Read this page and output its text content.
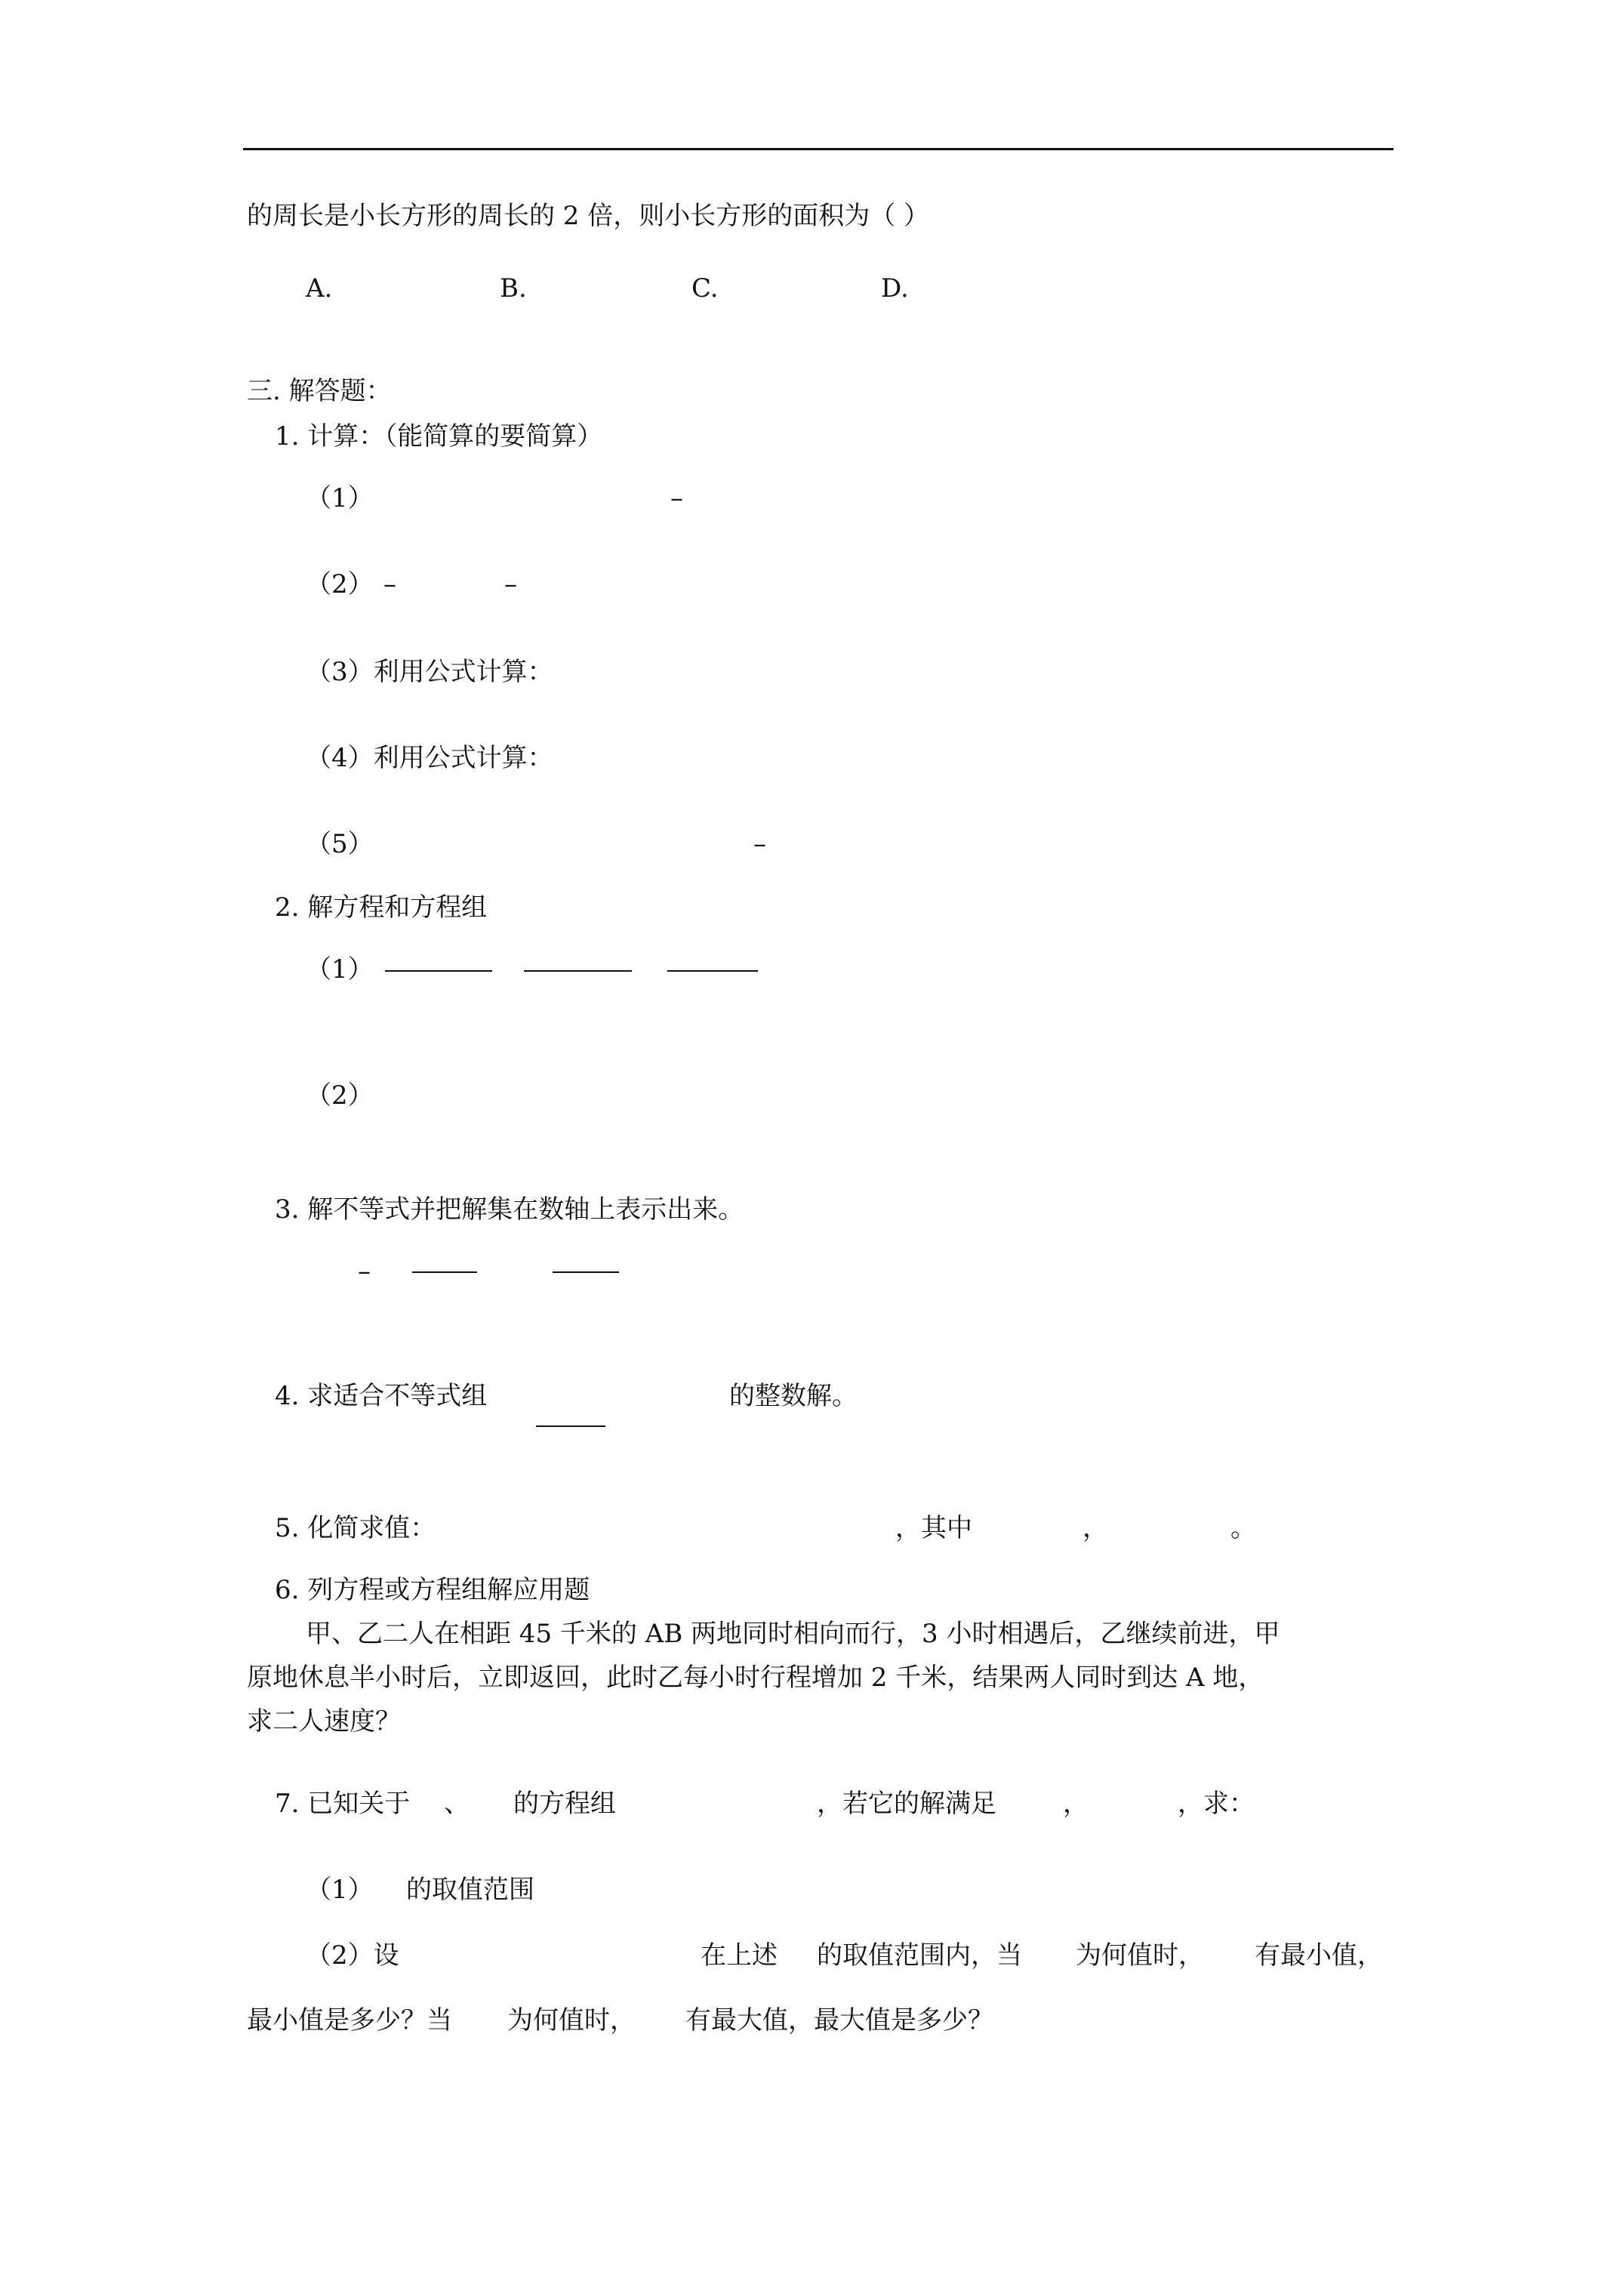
的周长是小长方形的周长的 2 倍，则小长方形的面积为（ ）
A.	B.	C.	D.
三. 解答题：
1. 计算：（能简算的要简算）
（1）	–
（2） –	–
（3）利用公式计算：
（4）利用公式计算：
（5）	–
2. 解方程和方程组
（1）
（2）
3. 解不等式并把解集在数轴上表示出来。
–
4. 求适合不等式组	的整数解。
5. 化简求值：	，其中	，	。
6. 列方程或方程组解应用题
甲、乙二人在相距 45 千米的 AB 两地同时相向而行，3 小时相遇后，乙继续前进，甲
原地休息半小时后，立即返回，此时乙每小时行程增加 2 千米，结果两人同时到达 A 地，
求二人速度？
7. 已知关于 、 的方程组	，若它的解满足	，	，求：
（1） 的取值范围
（2）设	在上述 的取值范围内，当 为何值时， 有最小值，
最小值是多少？当 为何值时， 有最大值，最大值是多少？
